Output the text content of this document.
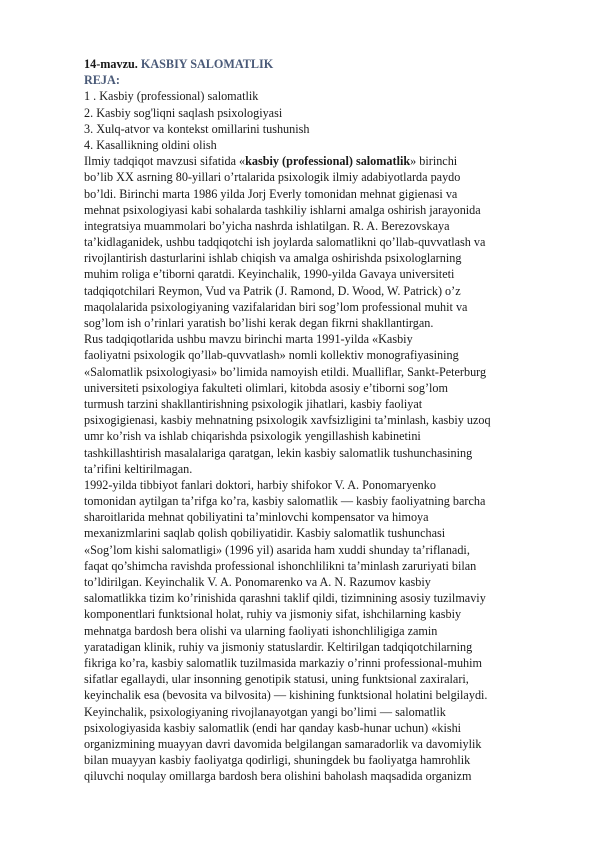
14-mavzu. KASBIY SALOMATLIK
REJA:
1 . Kasbiy (professional) salomatlik
2. Kasbiy sog'liqni saqlash psixologiyasi
3. Xulq-atvor va kontekst omillarini tushunish
4. Kasallikning oldini olish
Ilmiy tadqiqot mavzusi sifatida «kasbiy (professional) salomatlik» birinchi
bo’lib XX asrning 80-yillari o’rtalarida psixologik ilmiy adabiyotlarda paydo
bo’ldi. Birinchi marta 1986 yilda Jorj Everly tomonidan mehnat gigienasi va
mehnat psixologiyasi kabi sohalarda tashkiliy ishlarni amalga oshirish jarayonida
integratsiya muammolari bo’yicha nashrda ishlatilgan. R. A. Berezovskaya
ta’kidlaganidek, ushbu tadqiqotchi ish joylarda salomatlikni qo’llab-quvvatlash va
rivojlantirish dasturlarini ishlab chiqish va amalga oshirishda psixologlarning
muhim roliga e’tiborni qaratdi. Keyinchalik, 1990-yilda Gavaya universiteti
tadqiqotchilari Reymon, Vud va Patrik (J. Ramond, D. Wood, W. Patrick) o’z
maqolalarida psixologiyaning vazifalaridan biri sog’lom professional muhit va
sog’lom ish o’rinlari yaratish bo’lishi kerak degan fikrni shakllantirgan.
Rus tadqiqotlarida ushbu mavzu birinchi marta 1991-yilda «Kasbiy
faoliyatni psixologik qo’llab-quvvatlash» nomli kollektiv monografiyasining
«Salomatlik psixologiyasi» bo’limida namoyish etildi. Mualliflar, Sankt-Peterburg
universiteti psixologiya fakulteti olimlari, kitobda asosiy e’tiborni sog’lom
turmush tarzini shakllantirishning psixologik jihatlari, kasbiy faoliyat
psixogigienasi, kasbiy mehnatning psixologik xavfsizligini ta’minlash, kasbiy uzoq
umr ko’rish va ishlab chiqarishda psixologik yengillashish kabinetini
tashkillashtirish masalalariga qaratgan, lekin kasbiy salomatlik tushunchasining
ta’rifini keltirilmagan.
1992-yilda tibbiyot fanlari doktori, harbiy shifokor V. A. Ponomaryenko
tomonidan aytilgan ta’rifga ko’ra, kasbiy salomatlik — kasbiy faoliyatning barcha
sharoitlarida mehnat qobiliyatini ta’minlovchi kompensator va himoya
mexanizmlarini saqlab qolish qobiliyatidir. Kasbiy salomatlik tushunchasi
«Sog’lom kishi salomatligi» (1996 yil) asarida ham xuddi shunday ta’riflanadi,
faqat qo’shimcha ravishda professional ishonchlilikni ta’minlash zaruriyati bilan
to’ldirilgan. Keyinchalik V. A. Ponomarenko va A. N. Razumov kasbiy
salomatlikka tizim ko’rinishida qarashni taklif qildi, tizimnining asosiy tuzilmaviy
komponentlari funktsional holat, ruhiy va jismoniy sifat, ishchilarning kasbiy
mehnatga bardosh bera olishi va ularning faoliyati ishonchliligiga zamin
yaratadigan klinik, ruhiy va jismoniy statuslardir. Keltirilgan tadqiqotchilarning
fikriga ko’ra, kasbiy salomatlik tuzilmasida markaziy o’rinni professional-muhim
sifatlar egallaydi, ular insonning genotipik statusi, uning funktsional zaxiralari,
keyinchalik esa (bevosita va bilvosita) — kishining funktsional holatini belgilaydi.
Keyinchalik, psixologiyaning rivojlanayotgan yangi bo’limi — salomatlik
psixologiyasida kasbiy salomatlik (endi har qanday kasb-hunar uchun) «kishi
organizmining muayyan davri davomida belgilangan samaradorlik va davomiylik
bilan muayyan kasbiy faoliyatga qodirligi, shuningdek bu faoliyatga hamrohlik
qiluvchi noqulay omillarga bardosh bera olishini baholash maqsadida organizm
